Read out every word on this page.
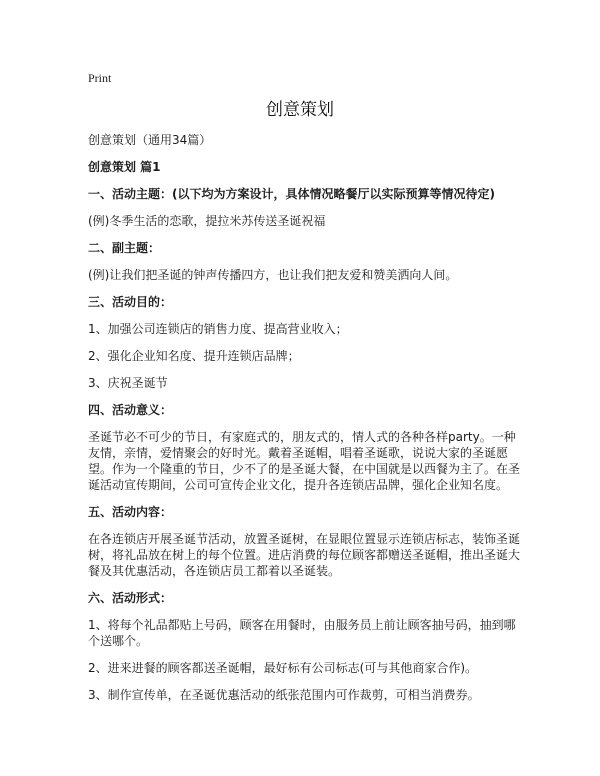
Print

创意策划

创意策划（通用34篇）

创意策划 篇1

一、活动主题：(以下均为方案设计，具体情况略餐厅以实际预算等情况待定)

(例)冬季生活的恋歌，提拉米苏传送圣诞祝福

二、副主题：

(例)让我们把圣诞的钟声传播四方，也让我们把友爱和赞美洒向人间。

三、活动目的：

1、加强公司连锁店的销售力度、提高营业收入；

2、强化企业知名度、提升连锁店品牌；

3、庆祝圣诞节

四、活动意义：

圣诞节必不可少的节日，有家庭式的，朋友式的，情人式的各种各样party。一种友情，亲情，爱情聚会的好时光。戴着圣诞帽，唱着圣诞歌，说说大家的圣诞愿望。作为一个隆重的节日，少不了的是圣诞大餐，在中国就是以西餐为主了。在圣诞活动宣传期间，公司可宣传企业文化，提升各连锁店品牌，强化企业知名度。

五、活动内容：

在各连锁店开展圣诞节活动，放置圣诞树，在显眼位置显示连锁店标志，装饰圣诞树，将礼品放在树上的每个位置。进店消费的每位顾客都赠送圣诞帽，推出圣诞大餐及其优惠活动，各连锁店员工都着以圣诞装。

六、活动形式：

1、将每个礼品都贴上号码，顾客在用餐时，由服务员上前让顾客抽号码，抽到哪个送哪个。

2、进来进餐的顾客都送圣诞帽，最好标有公司标志(可与其他商家合作)。

3、制作宣传单，在圣诞优惠活动的纸张范围内可作裁剪，可相当消费券。
